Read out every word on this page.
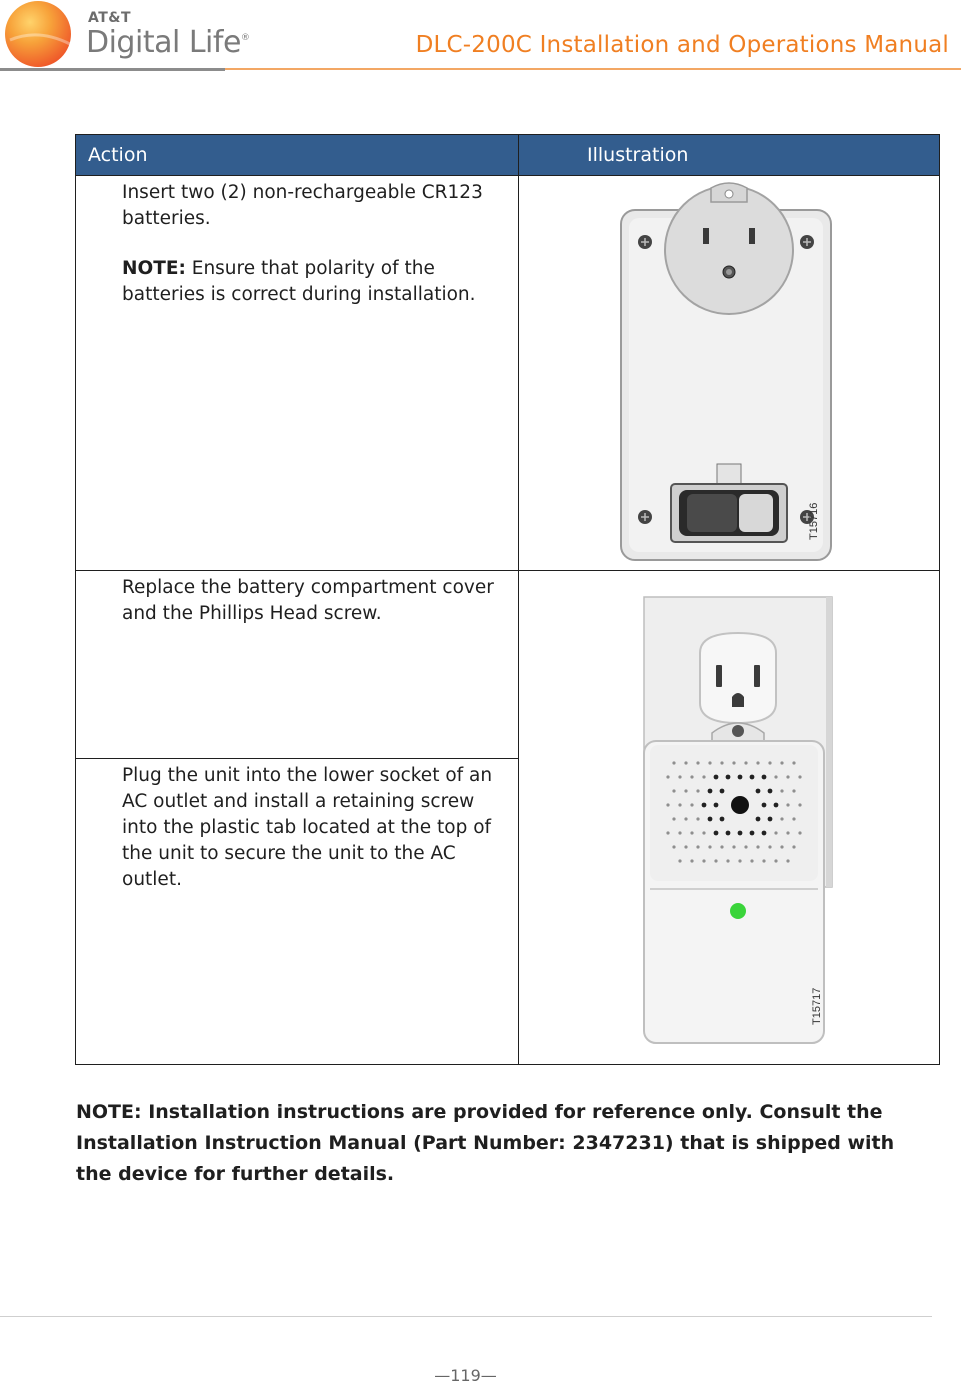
AT&T
Digital Life®	DLC-200C Installation and Operations Manual
Action	Illustration

Insert two (2) non-rechargeable CR123 batteries.
NOTE: Ensure that polarity of the batteries is correct during installation.	T15716

Replace the battery compartment cover and the Phillips Head screw.	T15717

Plug the unit into the lower socket of an AC outlet and install a retaining screw into the plastic tab located at the top of the unit to secure the unit to the AC outlet.	
NOTE: Installation instructions are provided for reference only. Consult the Installation Instruction Manual (Part Number: 2347231) that is shipped with the device for further details.
—119—
